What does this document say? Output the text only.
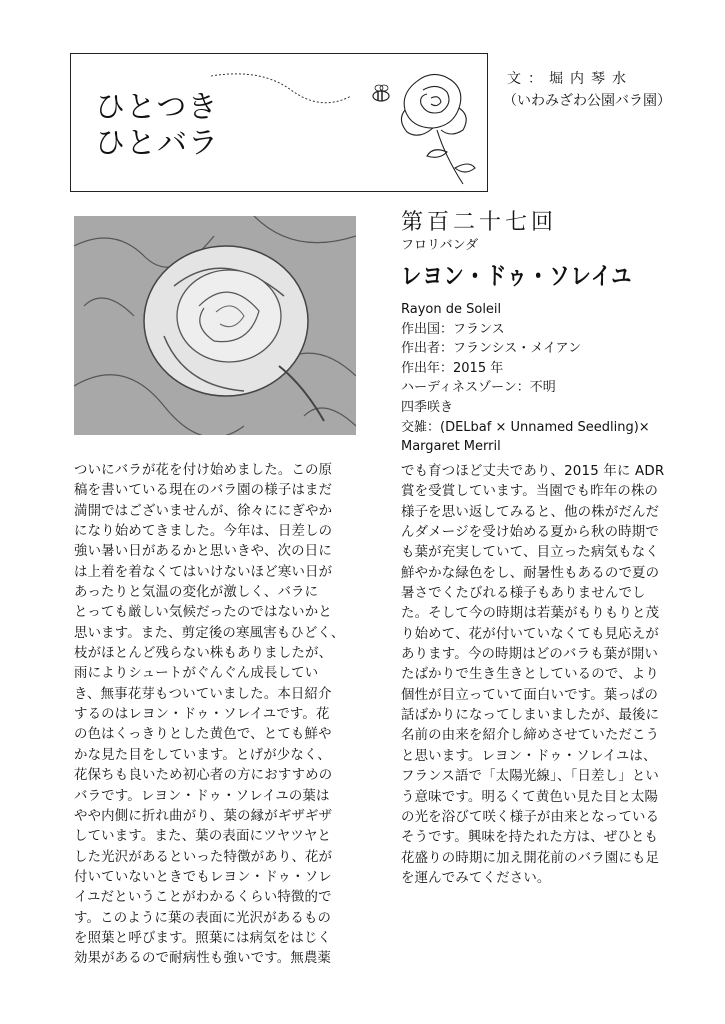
ひとつき
ひとバラ
文：堀内琴水
（いわみざわ公園バラ園）
第百二十七回
フロリバンダ
レヨン・ドゥ・ソレイユ
Rayon de Soleil
作出国：フランス
作出者：フランシス・メイアン
作出年：2015 年
ハーディネスゾーン：不明
四季咲き
交雑：(DELbaf × Unnamed Seedling)×
Margaret Merril
ついにバラが花を付け始めました。この原
稿を書いている現在のバラ園の様子はまだ
満開ではございませんが、徐々ににぎやか
になり始めてきました。今年は、日差しの
強い暑い日があるかと思いきや、次の日に
は上着を着なくてはいけないほど寒い日が
あったりと気温の変化が激しく、バラに
とっても厳しい気候だったのではないかと
思います。また、剪定後の寒風害もひどく、
枝がほとんど残らない株もありましたが、
雨によりシュートがぐんぐん成長してい
き、無事花芽もついていました。本日紹介
するのはレヨン・ドゥ・ソレイユです。花
の色はくっきりとした黄色で、とても鮮や
かな見た目をしています。とげが少なく、
花保ちも良いため初心者の方におすすめの
バラです。レヨン・ドゥ・ソレイユの葉は
やや内側に折れ曲がり、葉の縁がギザギザ
しています。また、葉の表面にツヤツヤと
した光沢があるといった特徴があり、花が
付いていないときでもレヨン・ドゥ・ソレ
イユだということがわかるくらい特徴的で
す。このように葉の表面に光沢があるもの
を照葉と呼びます。照葉には病気をはじく
効果があるので耐病性も強いです。無農薬
でも育つほど丈夫であり、2015 年に ADR
賞を受賞しています。当園でも昨年の株の
様子を思い返してみると、他の株がだんだ
んダメージを受け始める夏から秋の時期で
も葉が充実していて、目立った病気もなく
鮮やかな緑色をし、耐暑性もあるので夏の
暑さでくたびれる様子もありませんでし
た。そして今の時期は若葉がもりもりと茂
り始めて、花が付いていなくても見応えが
あります。今の時期はどのバラも葉が開い
たばかりで生き生きとしているので、より
個性が目立っていて面白いです。葉っぱの
話ばかりになってしまいましたが、最後に
名前の由来を紹介し締めさせていただこう
と思います。レヨン・ドゥ・ソレイユは、
フランス語で「太陽光線」、「日差し」とい
う意味です。明るくて黄色い見た目と太陽
の光を浴びて咲く様子が由来となっている
そうです。興味を持たれた方は、ぜひとも
花盛りの時期に加え開花前のバラ園にも足
を運んでみてください。
